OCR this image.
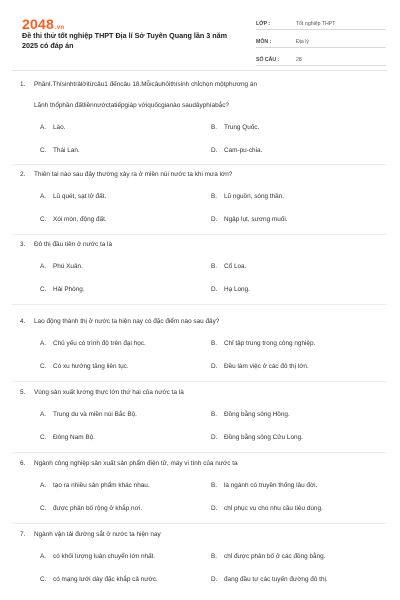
2048.vn
Đề thi thử tốt nghiệp THPT Địa lí Sở Tuyên Quang lần 3 năm 2025 có đáp án
LỚP :	Tốt nghiệp THPT
MÔN :	Địa lý
SỐ CÂU :	28
1.	PhầnI.Thísinhtrảlờitừcâu1 đếncâu 18.Mỗicâuhỏithísinh chỉchọn mộtphương án
Lãnh thổphần đấtliềnnướctatiếpgiáp vớiquốcgianào saudâyphíabắc?
A.	Lào.	B.	Trung Quốc.
C.	Thái Lan.	D.	Cam-pu-chia.
2.	Thiên tai nào sau đây thường xảy ra ở miền núi nước ta khi mưa lớn?
A.	Lũ quét, sạt lở đất.	B.	Lũ nguồn, sóng thần.
C.	Xói mòn, động đất.	D.	Ngập lụt, sương muối.
3.	Đô thị đầu tiên ở nước ta là
A.	Phú Xuân.	B.	Cổ Loa.
C.	Hải Phòng.	D.	Hạ Long.
4.	Lao động thành thị ở nước ta hiện nay có đặc điểm nào sau đây?
A.	Chủ yếu có trình độ trên đại học.	B.	Chỉ tập trung trong công nghiệp.
C.	Có xu hướng tăng liên tục.	D.	Đều làm việc ở các đô thị lớn.
5.	Vùng sản xuất lương thực lớn thứ hai của nước ta là
A.	Trung du và miền núi Bắc Bộ.	B.	Đồng bằng sông Hồng.
C.	Đông Nam Bộ.	D.	Đồng bằng sông Cửu Long.
6.	Ngành công nghiệp sản xuất sản phẩm điện tử, máy vi tính của nước ta
A.	tạo ra nhiều sản phẩm khác nhau.	B.	là ngành có truyền thống lâu đời.
C.	được phân bố rộng ở khắp nơi.	D.	chỉ phục vụ cho nhu cầu tiêu dùng.
7.	Ngành vận tải đường sắt ở nước ta hiện nay
A.	có khối lượng luân chuyển lớn nhất.	B.	chỉ được phân bố ở các đồng bằng.
C.	có mạng lưới dày đặc khắp cả nước.	D.	đang đầu tư các tuyến đường đô thị.
